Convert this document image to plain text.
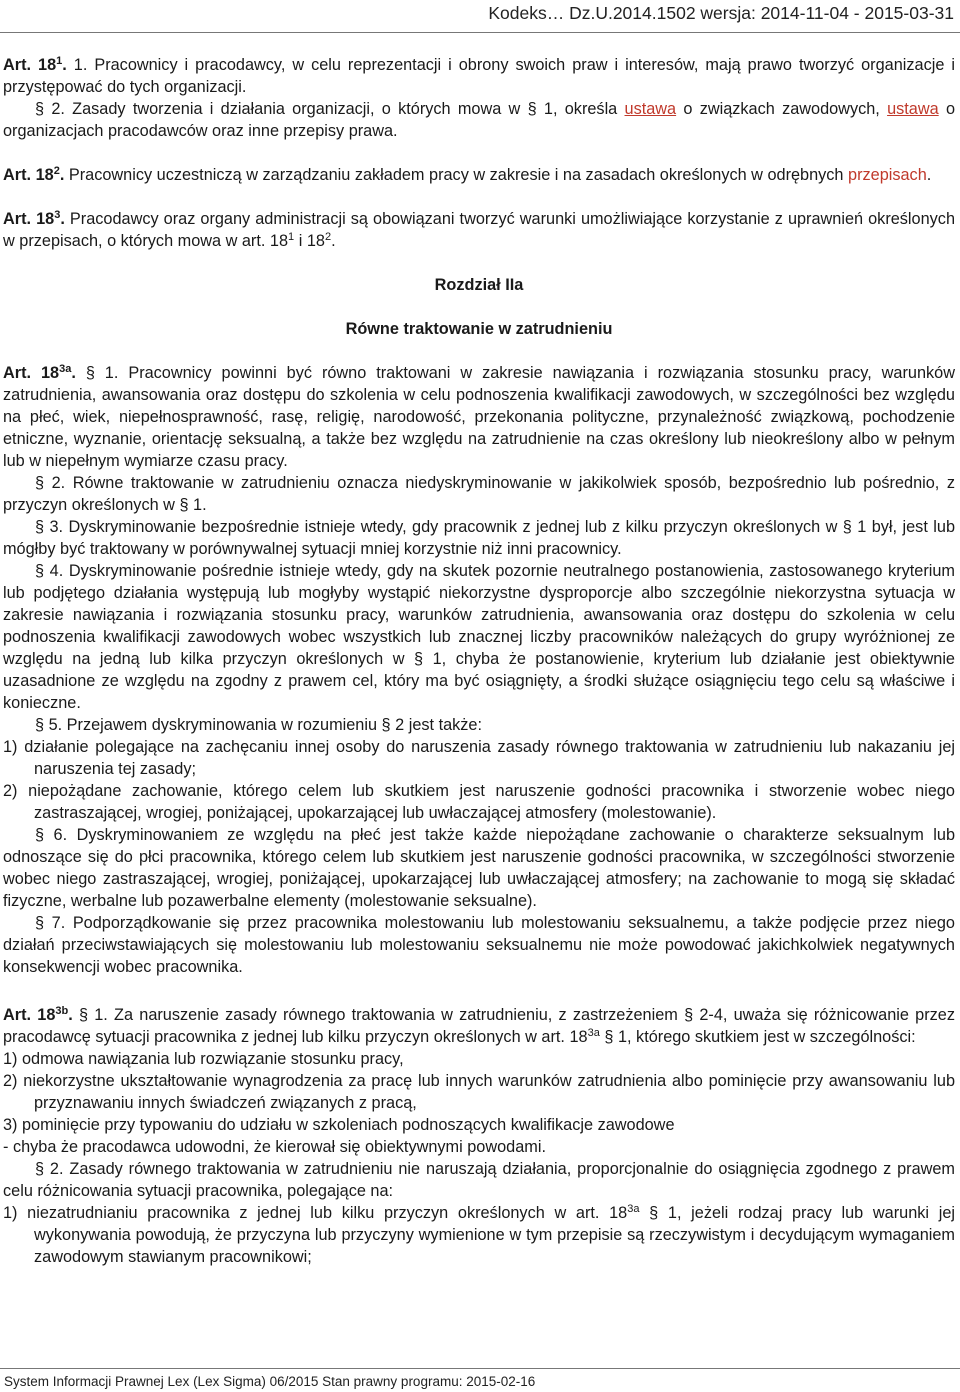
Kodeks… Dz.U.2014.1502 wersja: 2014-11-04 - 2015-03-31

Art. $18^1$. 1. Pracownicy i pracodawcy, w celu reprezentacji i obrony swoich praw i interesów, mają prawo tworzyć organizacje i przystępować do tych organizacji.

§ 2. Zasady tworzenia i działania organizacji, o których mowa w § 1, określa ustawa o związkach zawodowych, ustawa o organizacjach pracodawców oraz inne przepisy prawa.

Art. $18^2$. Pracownicy uczestniczą w zarządzaniu zakładem pracy w zakresie i na zasadach określonych w odrębnych przepisach.

Art. $18^3$. Pracodawcy oraz organy administracji są obowiązani tworzyć warunki umożliwiające korzystanie z uprawnień określonych w przepisach, o których mowa w art. $18^1$ i $18^2$.

Rozdział IIa

Równe traktowanie w zatrudnieniu

Art. $18^{3a}$. § 1. Pracownicy powinni być równo traktowani w zakresie nawiązania i rozwiązania stosunku pracy, warunków zatrudnienia, awansowania oraz dostępu do szkolenia w celu podnoszenia kwalifikacji zawodowych, w szczególności bez względu na płeć, wiek, niepełnosprawność, rasę, religię, narodowość, przekonania polityczne, przynależność związkową, pochodzenie etniczne, wyznanie, orientację seksualną, a także bez względu na zatrudnienie na czas określony lub nieokreślony albo w pełnym lub w niepełnym wymiarze czasu pracy.

§ 2. Równe traktowanie w zatrudnieniu oznacza niedyskryminowanie w jakikolwiek sposób, bezpośrednio lub pośrednio, z przyczyn określonych w § 1.

§ 3. Dyskryminowanie bezpośrednie istnieje wtedy, gdy pracownik z jednej lub z kilku przyczyn określonych w § 1 był, jest lub mógłby być traktowany w porównywalnej sytuacji mniej korzystnie niż inni pracownicy.

§ 4. Dyskryminowanie pośrednie istnieje wtedy, gdy na skutek pozornie neutralnego postanowienia, zastosowanego kryterium lub podjętego działania występują lub mogłyby wystąpić niekorzystne dysproporcje albo szczególnie niekorzystna sytuacja w zakresie nawiązania i rozwiązania stosunku pracy, warunków zatrudnienia, awansowania oraz dostępu do szkolenia w celu podnoszenia kwalifikacji zawodowych wobec wszystkich lub znacznej liczby pracowników należących do grupy wyróżnionej ze względu na jedną lub kilka przyczyn określonych w § 1, chyba że postanowienie, kryterium lub działanie jest obiektywnie uzasadnione ze względu na zgodny z prawem cel, który ma być osiągnięty, a środki służące osiągnięciu tego celu są właściwe i konieczne.

§ 5. Przejawem dyskryminowania w rozumieniu § 2 jest także:

1) działanie polegające na zachęcaniu innej osoby do naruszenia zasady równego traktowania w zatrudnieniu lub nakazaniu jej naruszenia tej zasady;

2) niepożądane zachowanie, którego celem lub skutkiem jest naruszenie godności pracownika i stworzenie wobec niego zastraszającej, wrogiej, poniżającej, upokarzającej lub uwłaczającej atmosfery (molestowanie).

§ 6. Dyskryminowaniem ze względu na płeć jest także każde niepożądane zachowanie o charakterze seksualnym lub odnoszące się do płci pracownika, którego celem lub skutkiem jest naruszenie godności pracownika, w szczególności stworzenie wobec niego zastraszającej, wrogiej, poniżającej, upokarzającej lub uwłaczającej atmosfery; na zachowanie to mogą się składać fizyczne, werbalne lub pozawerbalne elementy (molestowanie seksualne).

§ 7. Podporządkowanie się przez pracownika molestowaniu lub molestowaniu seksualnemu, a także podjęcie przez niego działań przeciwstawiających się molestowaniu lub molestowaniu seksualnemu nie może powodować jakichkolwiek negatywnych konsekwencji wobec pracownika.

Art. $18^{3b}$. § 1. Za naruszenie zasady równego traktowania w zatrudnieniu, z zastrzeżeniem § 2-4, uważa się różnicowanie przez pracodawcę sytuacji pracownika z jednej lub kilku przyczyn określonych w art. $18^{3a}$ § 1, którego skutkiem jest w szczególności:

1) odmowa nawiązania lub rozwiązanie stosunku pracy,

2) niekorzystne ukształtowanie wynagrodzenia za pracę lub innych warunków zatrudnienia albo pominięcie przy awansowaniu lub przyznawaniu innych świadczeń związanych z pracą,

3) pominięcie przy typowaniu do udziału w szkoleniach podnoszących kwalifikacje zawodowe

- chyba że pracodawca udowodni, że kierował się obiektywnymi powodami.

§ 2. Zasady równego traktowania w zatrudnieniu nie naruszają działania, proporcjonalnie do osiągnięcia zgodnego z prawem celu różnicowania sytuacji pracownika, polegające na:

1) niezatrudnianiu pracownika z jednej lub kilku przyczyn określonych w art. $18^{3a}$ § 1, jeżeli rodzaj pracy lub warunki jej wykonywania powodują, że przyczyna lub przyczyny wymienione w tym przepisie są rzeczywistym i decydującym wymaganiem zawodowym stawianym pracownikowi;

System Informacji Prawnej Lex (Lex Sigma) 06/2015 Stan prawny programu: 2015-02-16
